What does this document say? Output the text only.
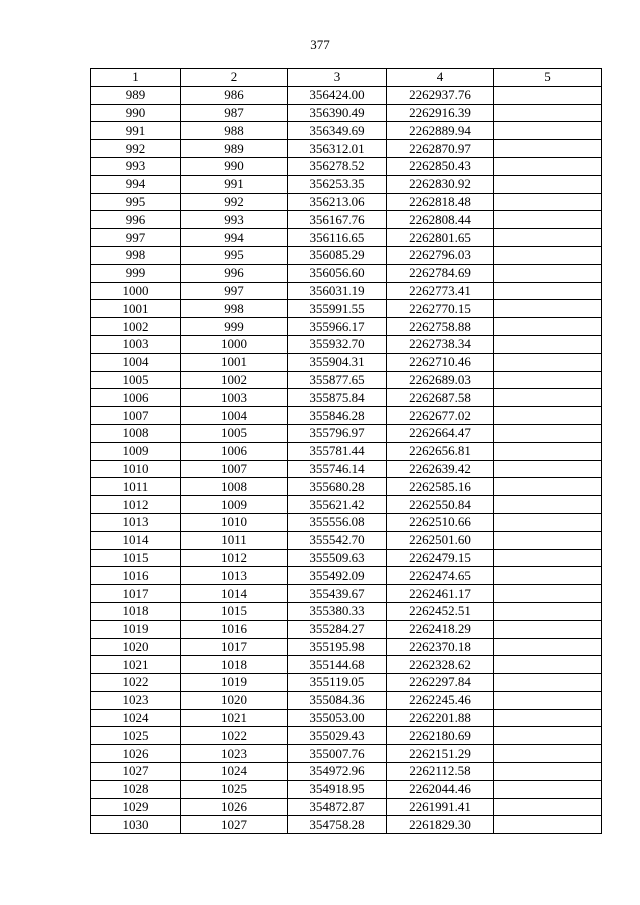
377
1	2	3	4	5
989	986	356424.00	2262937.76	
990	987	356390.49	2262916.39	
991	988	356349.69	2262889.94	
992	989	356312.01	2262870.97	
993	990	356278.52	2262850.43	
994	991	356253.35	2262830.92	
995	992	356213.06	2262818.48	
996	993	356167.76	2262808.44	
997	994	356116.65	2262801.65	
998	995	356085.29	2262796.03	
999	996	356056.60	2262784.69	
1000	997	356031.19	2262773.41	
1001	998	355991.55	2262770.15	
1002	999	355966.17	2262758.88	
1003	1000	355932.70	2262738.34	
1004	1001	355904.31	2262710.46	
1005	1002	355877.65	2262689.03	
1006	1003	355875.84	2262687.58	
1007	1004	355846.28	2262677.02	
1008	1005	355796.97	2262664.47	
1009	1006	355781.44	2262656.81	
1010	1007	355746.14	2262639.42	
1011	1008	355680.28	2262585.16	
1012	1009	355621.42	2262550.84	
1013	1010	355556.08	2262510.66	
1014	1011	355542.70	2262501.60	
1015	1012	355509.63	2262479.15	
1016	1013	355492.09	2262474.65	
1017	1014	355439.67	2262461.17	
1018	1015	355380.33	2262452.51	
1019	1016	355284.27	2262418.29	
1020	1017	355195.98	2262370.18	
1021	1018	355144.68	2262328.62	
1022	1019	355119.05	2262297.84	
1023	1020	355084.36	2262245.46	
1024	1021	355053.00	2262201.88	
1025	1022	355029.43	2262180.69	
1026	1023	355007.76	2262151.29	
1027	1024	354972.96	2262112.58	
1028	1025	354918.95	2262044.46	
1029	1026	354872.87	2261991.41	
1030	1027	354758.28	2261829.30	
